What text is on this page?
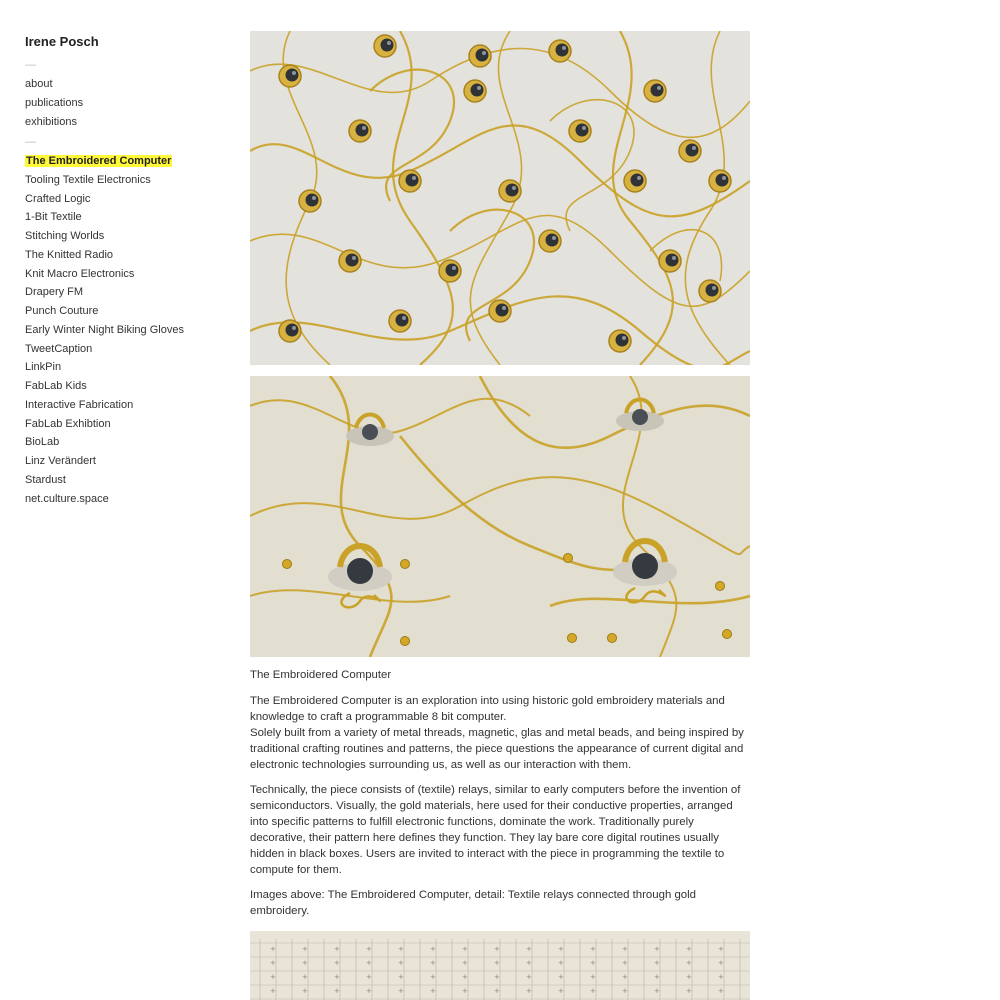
Irene Posch
—
about
publications
exhibitions
—
The Embroidered Computer
Tooling Textile Electronics
Crafted Logic
1-Bit Textile
Stitching Worlds
The Knitted Radio
Knit Macro Electronics
Drapery FM
Punch Couture
Early Winter Night Biking Gloves
TweetCaption
LinkPin
FabLab Kids
Interactive Fabrication
FabLab Exhibtion
BioLab
Linz Verändert
Stardust
net.culture.space
The Embroidered Computer

The Embroidered Computer is an exploration into using historic gold embroidery materials and knowledge to craft a programmable 8 bit computer.

Solely built from a variety of metal threads, magnetic, glas and metal beads, and being inspired by traditional crafting routines and patterns, the piece questions the appearance of current digital and electronic technologies surrounding us, as well as our interaction with them.

Technically, the piece consists of (textile) relays, similar to early computers before the invention of semiconductors. Visually, the gold materials, here used for their conductive properties, arranged into specific patterns to fulfill electronic functions, dominate the work. Traditionally purely decorative, their pattern here defines they function. They lay bare core digital routines usually hidden in black boxes. Users are invited to interact with the piece in programming the textile to compute for them.
Images above: The Embroidered Computer, detail: Textile relays connected through gold embroidery.
+
+
+
+
+
+
+
+
+
+
+
+
+
+
+
+
+
+
+
+
+
+
+
+
+
+
+
+
+
+
+
+
+
+
+
+
+
+
+
+
+
+
+
+
+
+
+
+
+
+
+
+
+
+
+
+
+
+
+
+
